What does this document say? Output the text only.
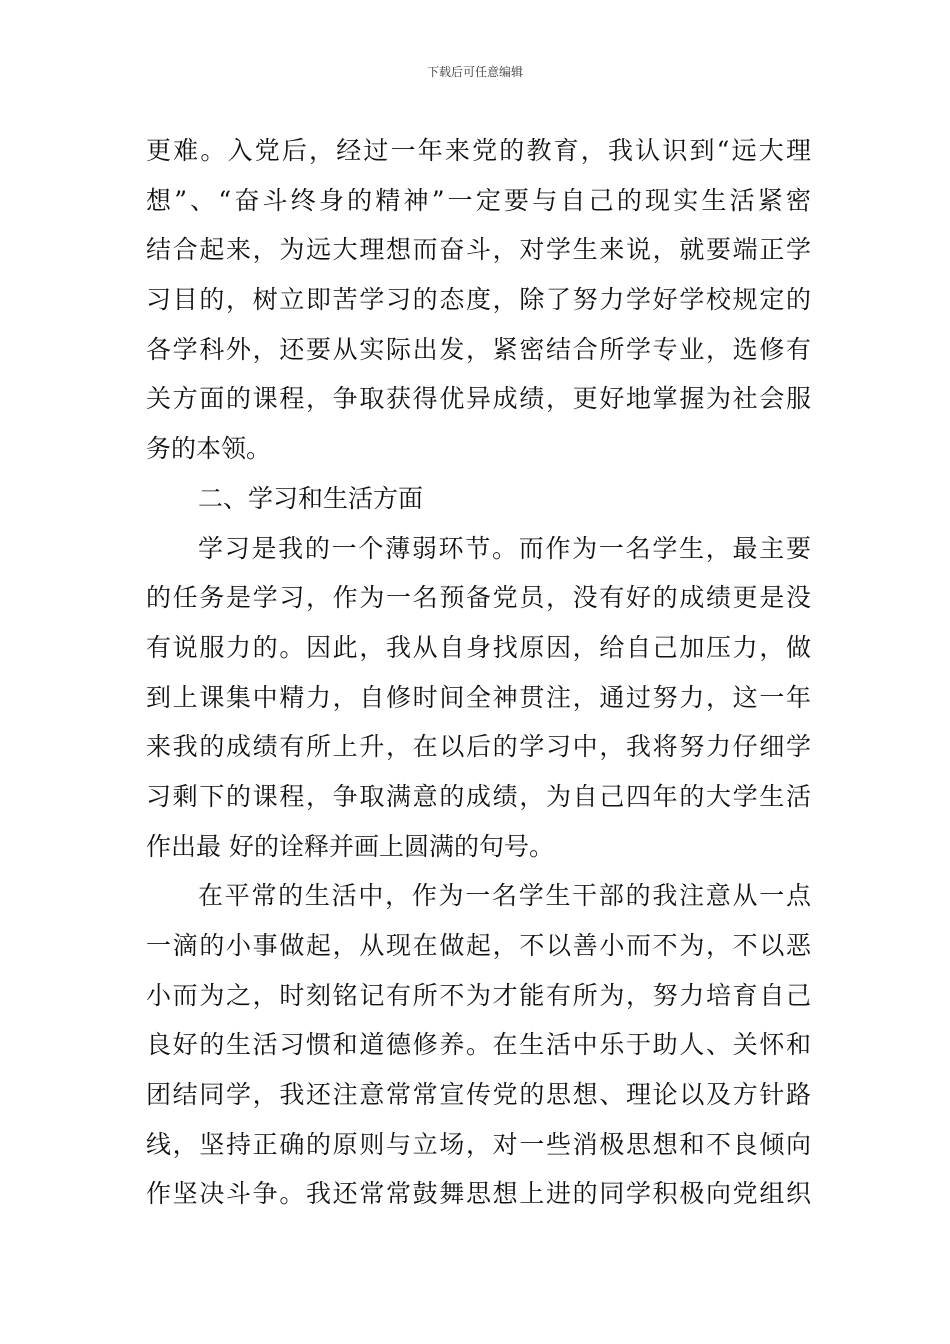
下载后可任意编辑
更难。入党后，经过一年来党的教育，我认识到“远大理
想”、“奋斗终身的精神”一定要与自己的现实生活紧密
结合起来，为远大理想而奋斗，对学生来说，就要端正学
习目的，树立即苦学习的态度，除了努力学好学校规定的
各学科外，还要从实际出发，紧密结合所学专业，选修有
关方面的课程，争取获得优异成绩，更好地掌握为社会服
务的本领。
二、学习和生活方面
学习是我的一个薄弱环节。而作为一名学生，最主要
的任务是学习，作为一名预备党员，没有好的成绩更是没
有说服力的。因此，我从自身找原因，给自己加压力，做
到上课集中精力，自修时间全神贯注，通过努力，这一年
来我的成绩有所上升，在以后的学习中，我将努力仔细学
习剩下的课程，争取满意的成绩，为自己四年的大学生活
作出最 好的诠释并画上圆满的句号。
在平常的生活中，作为一名学生干部的我注意从一点
一滴的小事做起，从现在做起，不以善小而不为，不以恶
小而为之，时刻铭记有所不为才能有所为，努力培育自己
良好的生活习惯和道德修养。在生活中乐于助人、关怀和
团结同学，我还注意常常宣传党的思想、理论以及方针路
线，坚持正确的原则与立场，对一些消极思想和不良倾向
作坚决斗争。我还常常鼓舞思想上进的同学积极向党组织
